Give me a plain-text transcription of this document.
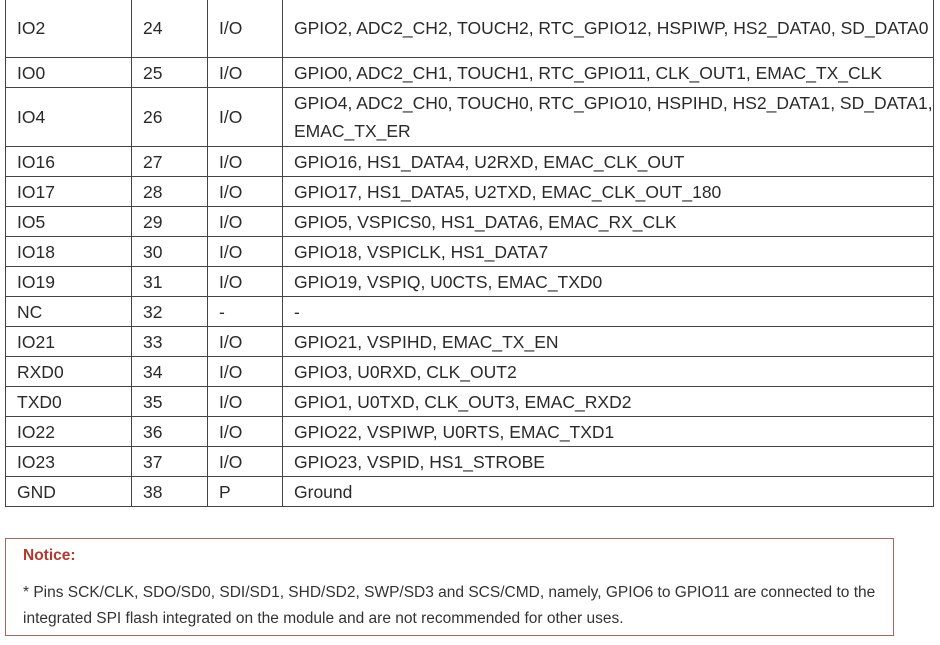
IO2	24	I/O	GPIO2, ADC2_CH2, TOUCH2, RTC_GPIO12, HSPIWP, HS2_DATA0, SD_DATA0
IO0	25	I/O	GPIO0, ADC2_CH1, TOUCH1, RTC_GPIO11, CLK_OUT1, EMAC_TX_CLK
IO4	26	I/O	GPIO4, ADC2_CH0, TOUCH0, RTC_GPIO10, HSPIHD, HS2_DATA1, SD_DATA1, EMAC_TX_ER
IO16	27	I/O	GPIO16, HS1_DATA4, U2RXD, EMAC_CLK_OUT
IO17	28	I/O	GPIO17, HS1_DATA5, U2TXD, EMAC_CLK_OUT_180
IO5	29	I/O	GPIO5, VSPICS0, HS1_DATA6, EMAC_RX_CLK
IO18	30	I/O	GPIO18, VSPICLK, HS1_DATA7
IO19	31	I/O	GPIO19, VSPIQ, U0CTS, EMAC_TXD0
NC	32	-	-
IO21	33	I/O	GPIO21, VSPIHD, EMAC_TX_EN
RXD0	34	I/O	GPIO3, U0RXD, CLK_OUT2
TXD0	35	I/O	GPIO1, U0TXD, CLK_OUT3, EMAC_RXD2
IO22	36	I/O	GPIO22, VSPIWP, U0RTS, EMAC_TXD1
IO23	37	I/O	GPIO23, VSPID, HS1_STROBE
GND	38	P	Ground
Notice:
* Pins SCK/CLK, SDO/SD0, SDI/SD1, SHD/SD2, SWP/SD3 and SCS/CMD, namely, GPIO6 to GPIO11 are connected to the integrated SPI flash integrated on the module and are not recommended for other uses.
